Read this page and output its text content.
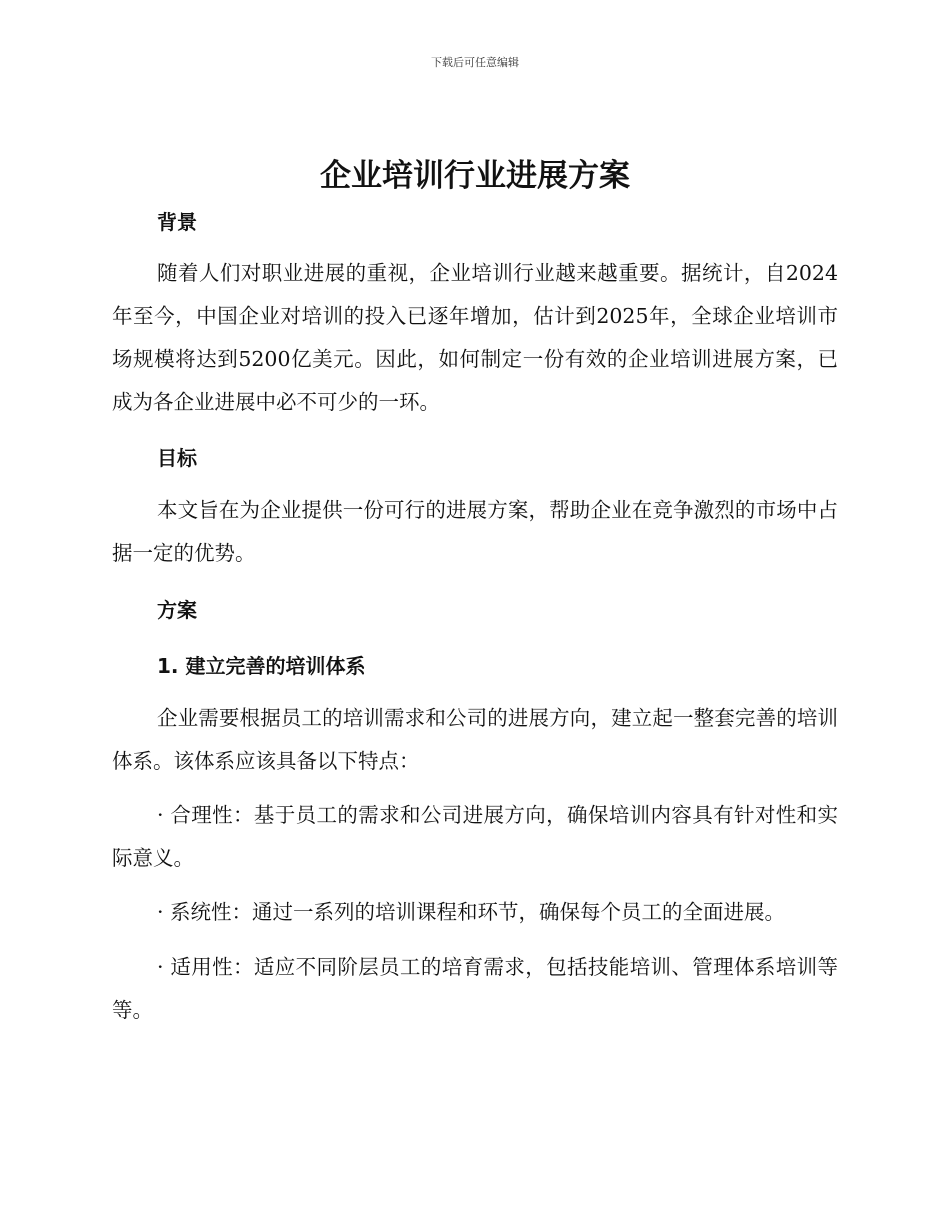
下载后可任意编辑
企业培训行业进展方案
背景

随着人们对职业进展的重视，企业培训行业越来越重要。据统计，自2024年至今，中国企业对培训的投入已逐年增加，估计到2025年，全球企业培训市场规模将达到5200亿美元。因此，如何制定一份有效的企业培训进展方案，已成为各企业进展中必不可少的一环。

目标

本文旨在为企业提供一份可行的进展方案，帮助企业在竞争激烈的市场中占据一定的优势。

方案
1. 建立完善的培训体系

企业需要根据员工的培训需求和公司的进展方向，建立起一整套完善的培训体系。该体系应该具备以下特点：

· 合理性：基于员工的需求和公司进展方向，确保培训内容具有针对性和实际意义。

· 系统性：通过一系列的培训课程和环节，确保每个员工的全面进展。

· 适用性：适应不同阶层员工的培育需求，包括技能培训、管理体系培训等等。
